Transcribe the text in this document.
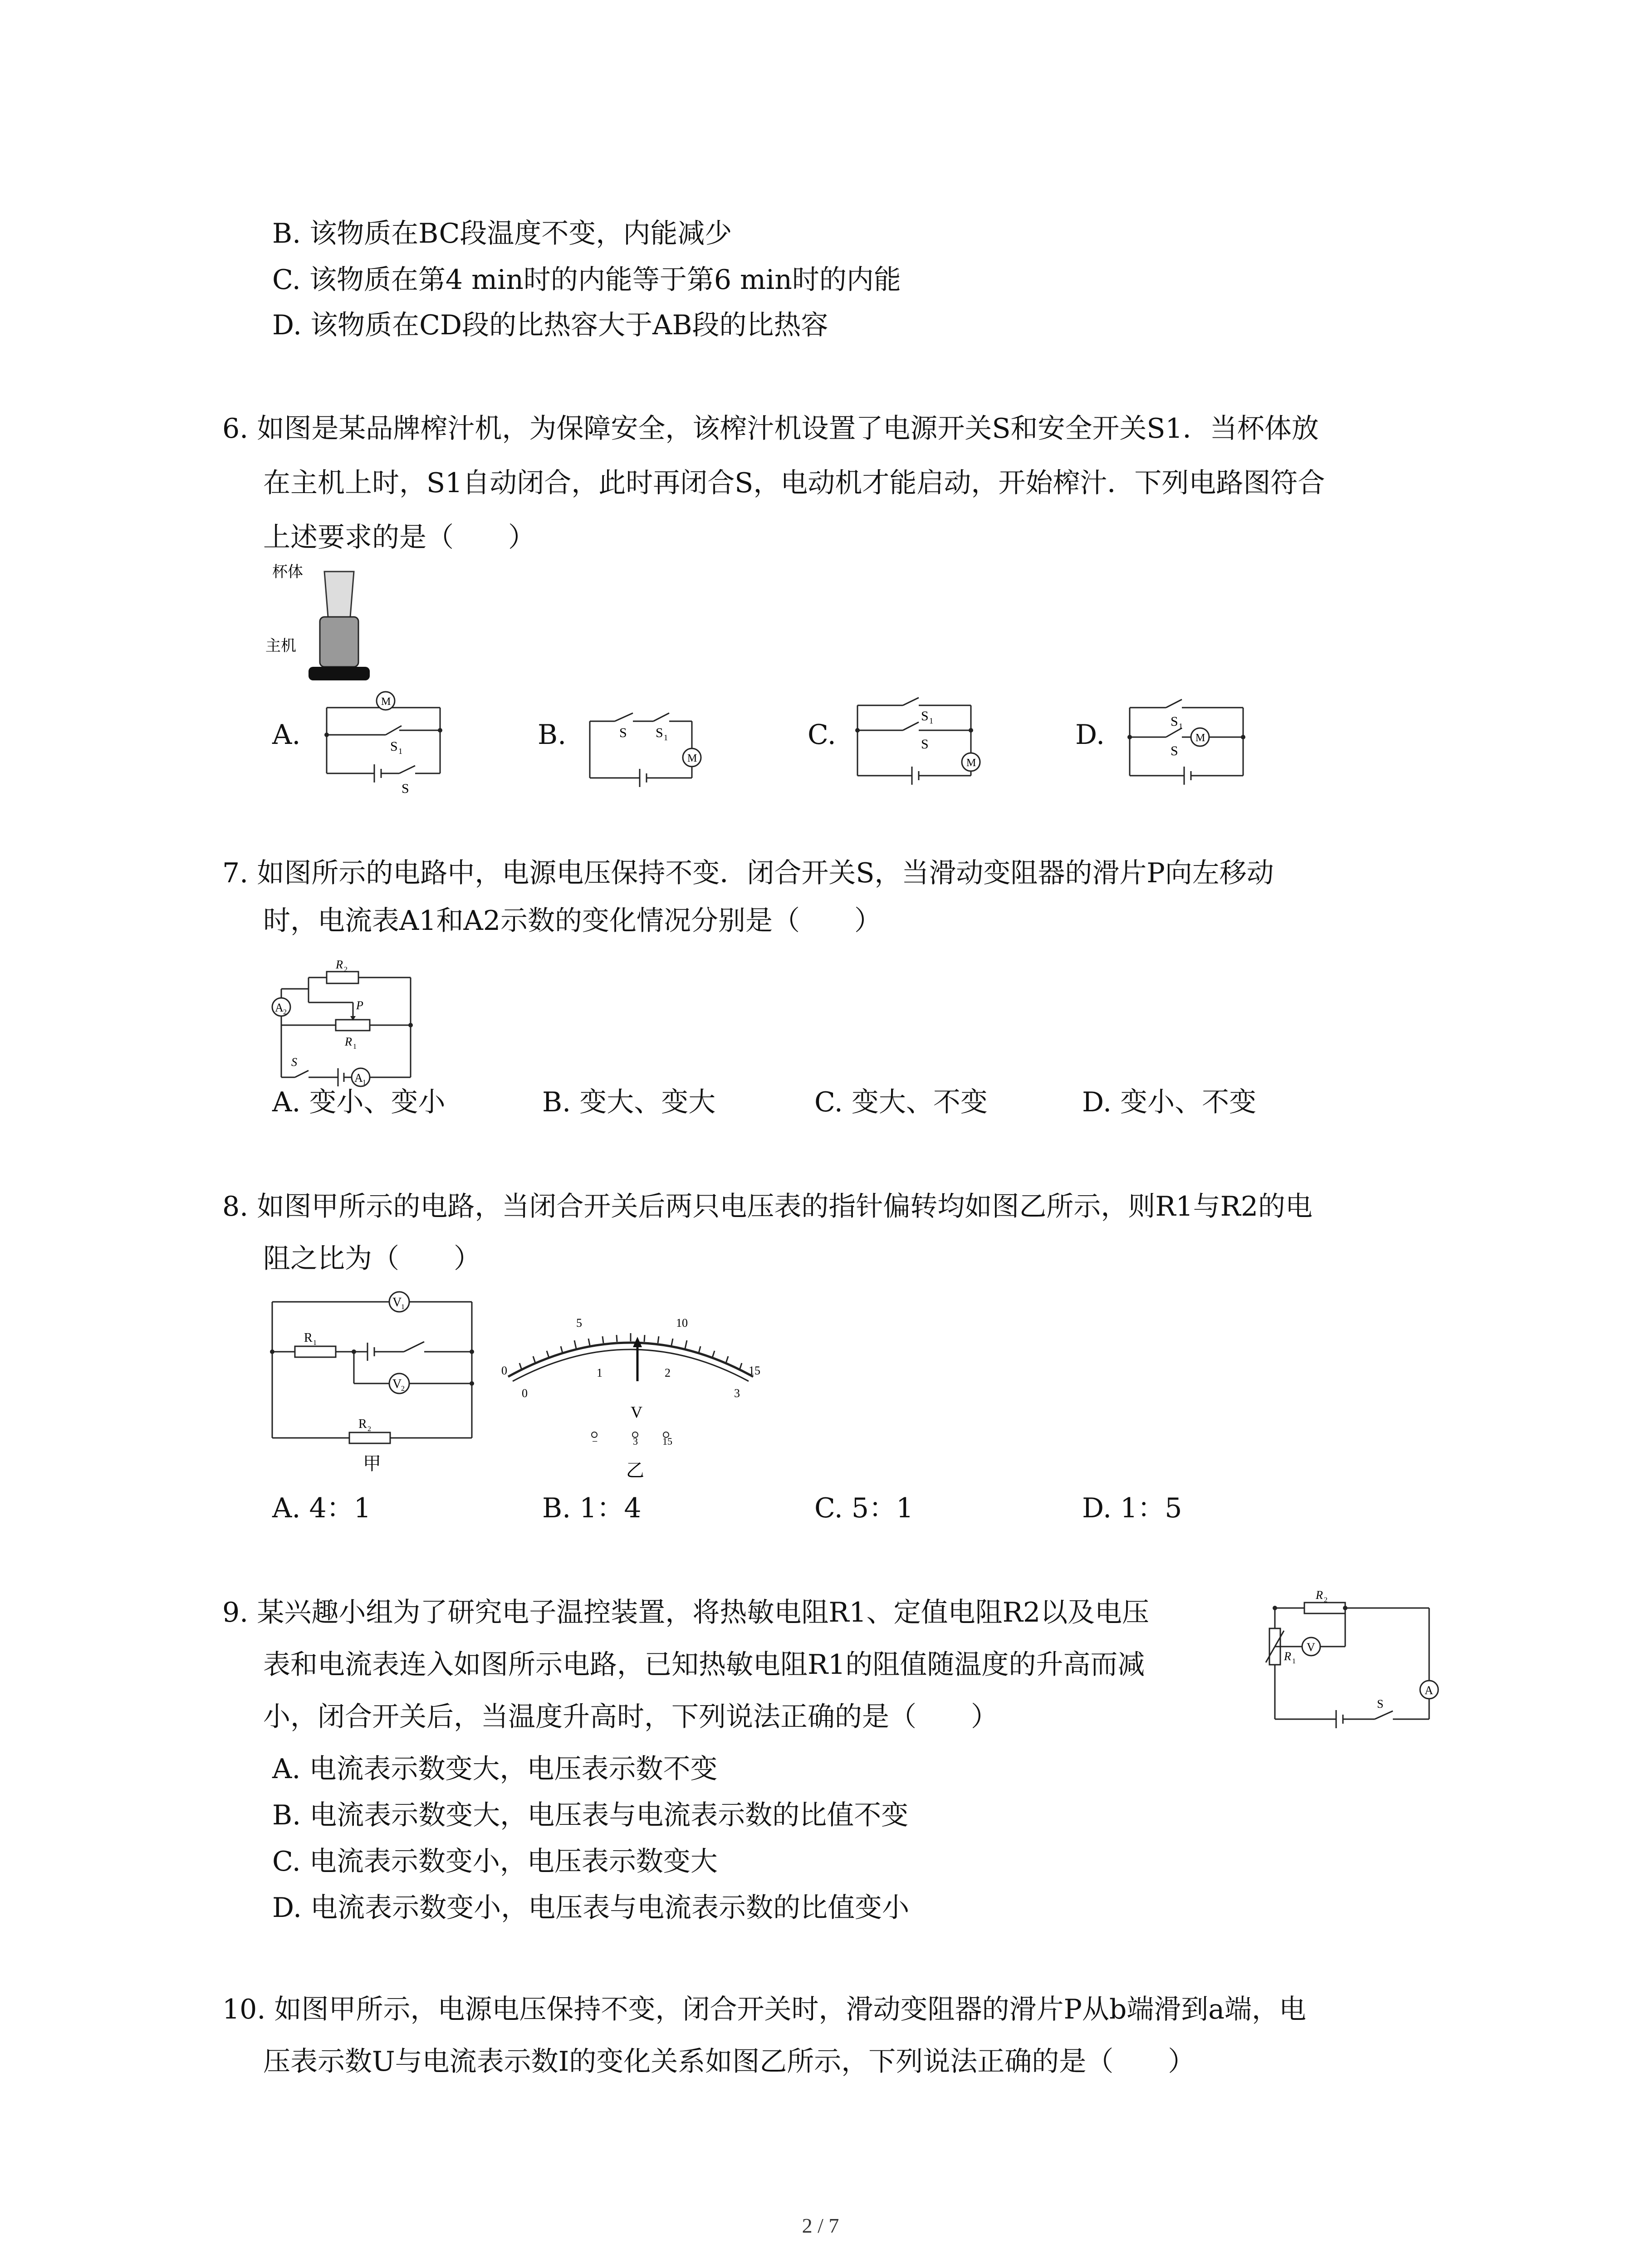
B. 该物质在BC段温度不变，内能减少
C. 该物质在第4 min时的内能等于第6 min时的内能
D. 该物质在CD段的比热容大于AB段的比热容
6. 如图是某品牌榨汁机，为保障安全，该榨汁机设置了电源开关S和安全开关S1．当杯体放
在主机上时，S1自动闭合，此时再闭合S，电动机才能启动，开始榨汁．下列电路图符合
上述要求的是（　　）
杯体
主机
A.	B.	C.	D.
M
S 1
S
M
S S 1
M
S 1
S	M
S 1
S
7. 如图所示的电路中，电源电压保持不变．闭合开关S，当滑动变阻器的滑片P向左移动
时，电流表A1和A2示数的变化情况分别是（　　）
A 2
A 1
R 2
P
R 1
S
A. 变小、变小	B. 变大、变大	C. 变大、不变	D. 变小、不变
8. 如图甲所示的电路，当闭合开关后两只电压表的指针偏转均如图乙所示，则R1与R2的电
阻之比为（　　）
V
1
V
2
R 1
R 2
甲
0
5	10
15
0
1	2
3
V
−	3 15
乙
A. 4：1	B. 1：4	C. 5：1	D. 1：5
9. 某兴趣小组为了研究电子温控装置，将热敏电阻R1、定值电阻R2以及电压
表和电流表连入如图所示电路，已知热敏电阻R1的阻值随温度的升高而减
小，闭合开关后，当温度升高时，下列说法正确的是（　　）
V
A
R 2
R 1
S
A. 电流表示数变大，电压表示数不变
B. 电流表示数变大，电压表与电流表示数的比值不变
C. 电流表示数变小，电压表示数变大
D. 电流表示数变小，电压表与电流表示数的比值变小
10. 如图甲所示，电源电压保持不变，闭合开关时，滑动变阻器的滑片P从b端滑到a端，电
压表示数U与电流表示数I的变化关系如图乙所示，下列说法正确的是（　　）
2 / 7
